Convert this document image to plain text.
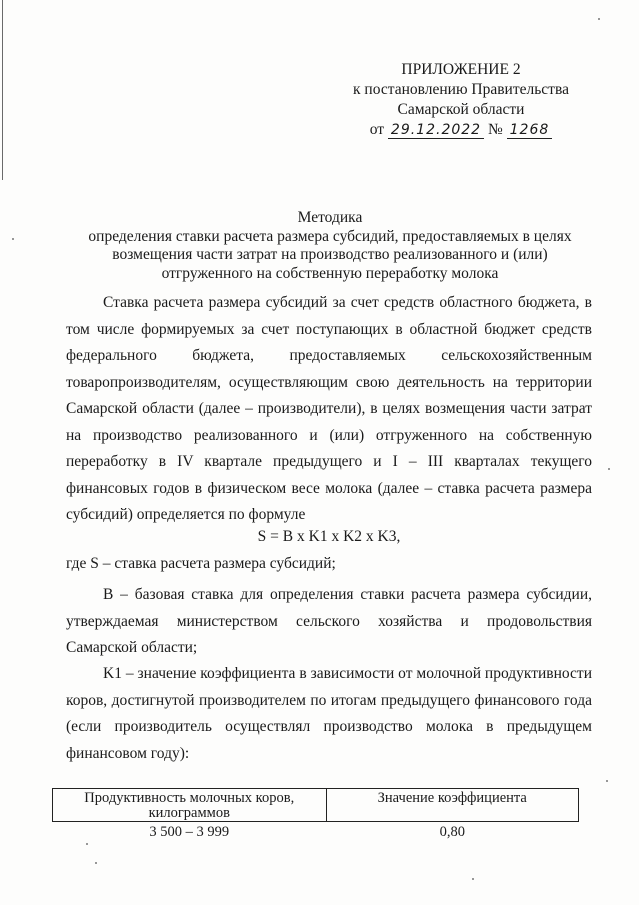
ПРИЛОЖЕНИЕ 2
к постановлению Правительства
Самарской области
от 29.12.2022 № 1268
Методика
определения ставки расчета размера субсидий, предоставляемых в целях
возмещения части затрат на производство реализованного и (или)
отгруженного на собственную переработку молока
Ставка расчета размера субсидий за счет средств областного бюджета, в том числе формируемых за счет поступающих в областной бюджет средств федерального бюджета, предоставляемых сельскохозяйственным товаропроизводителям, осуществляющим свою деятельность на территории Самарской области (далее – производители), в целях возмещения части затрат на производство реализованного и (или) отгруженного на собственную переработку в IV квартале предыдущего и I – III кварталах текущего финансовых годов в физическом весе молока (далее – ставка расчета размера субсидий) определяется по формуле
S = B x K1 x K2 x K3,
где S – ставка расчета размера субсидий;
B – базовая ставка для определения ставки расчета размера субсидии, утверждаемая министерством сельского хозяйства и продовольствия Самарской области;
K1 – значение коэффициента в зависимости от молочной продуктивности коров, достигнутой производителем по итогам предыдущего финансового года (если производитель осуществлял производство молока в предыдущем финансовом году):
Продуктивность молочных коров, килограммов	Значение коэффициента
3 500 – 3 999	0,80
